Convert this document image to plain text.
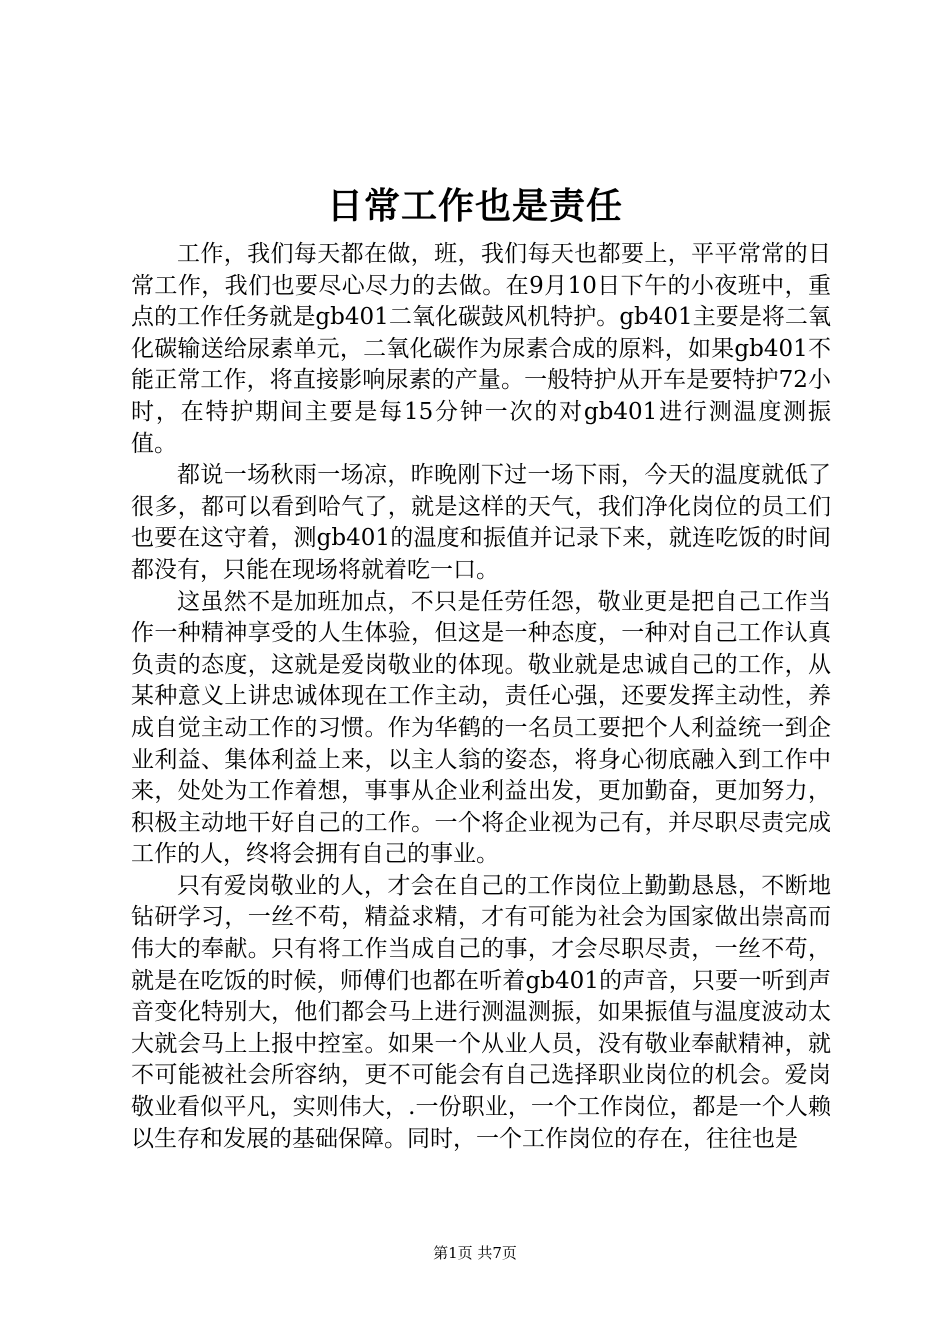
日常工作也是责任

工作，我们每天都在做，班，我们每天也都要上，平平常常的日常工作，我们也要尽心尽力的去做。在9月10日下午的小夜班中，重点的工作任务就是gb401二氧化碳鼓风机特护。gb401主要是将二氧化碳输送给尿素单元，二氧化碳作为尿素合成的原料，如果gb401不能正常工作，将直接影响尿素的产量。一般特护从开车是要特护72小时，在特护期间主要是每15分钟一次的对gb401进行测温度测振值。

都说一场秋雨一场凉，昨晚刚下过一场下雨，今天的温度就低了很多，都可以看到哈气了，就是这样的天气，我们净化岗位的员工们也要在这守着，测gb401的温度和振值并记录下来，就连吃饭的时间都没有，只能在现场将就着吃一口。

这虽然不是加班加点，不只是任劳任怨，敬业更是把自己工作当作一种精神享受的人生体验，但这是一种态度，一种对自己工作认真负责的态度，这就是爱岗敬业的体现。敬业就是忠诚自己的工作，从某种意义上讲忠诚体现在工作主动，责任心强，还要发挥主动性，养成自觉主动工作的习惯。作为华鹤的一名员工要把个人利益统一到企业利益、集体利益上来，以主人翁的姿态，将身心彻底融入到工作中来，处处为工作着想，事事从企业利益出发，更加勤奋，更加努力，积极主动地干好自己的工作。一个将企业视为己有，并尽职尽责完成工作的人，终将会拥有自己的事业。

只有爱岗敬业的人，才会在自己的工作岗位上勤勤恳恳，不断地钻研学习，一丝不苟，精益求精，才有可能为社会为国家做出崇高而伟大的奉献。只有将工作当成自己的事，才会尽职尽责，一丝不苟，就是在吃饭的时候，师傅们也都在听着gb401的声音，只要一听到声音变化特别大，他们都会马上进行测温测振，如果振值与温度波动太大就会马上上报中控室。如果一个从业人员，没有敬业奉献精神，就不可能被社会所容纳，更不可能会有自己选择职业岗位的机会。爱岗敬业看似平凡，实则伟大，.一份职业，一个工作岗位，都是一个人赖以生存和发展的基础保障。同时，一个工作岗位的存在，往往也是

第1页 共7页
